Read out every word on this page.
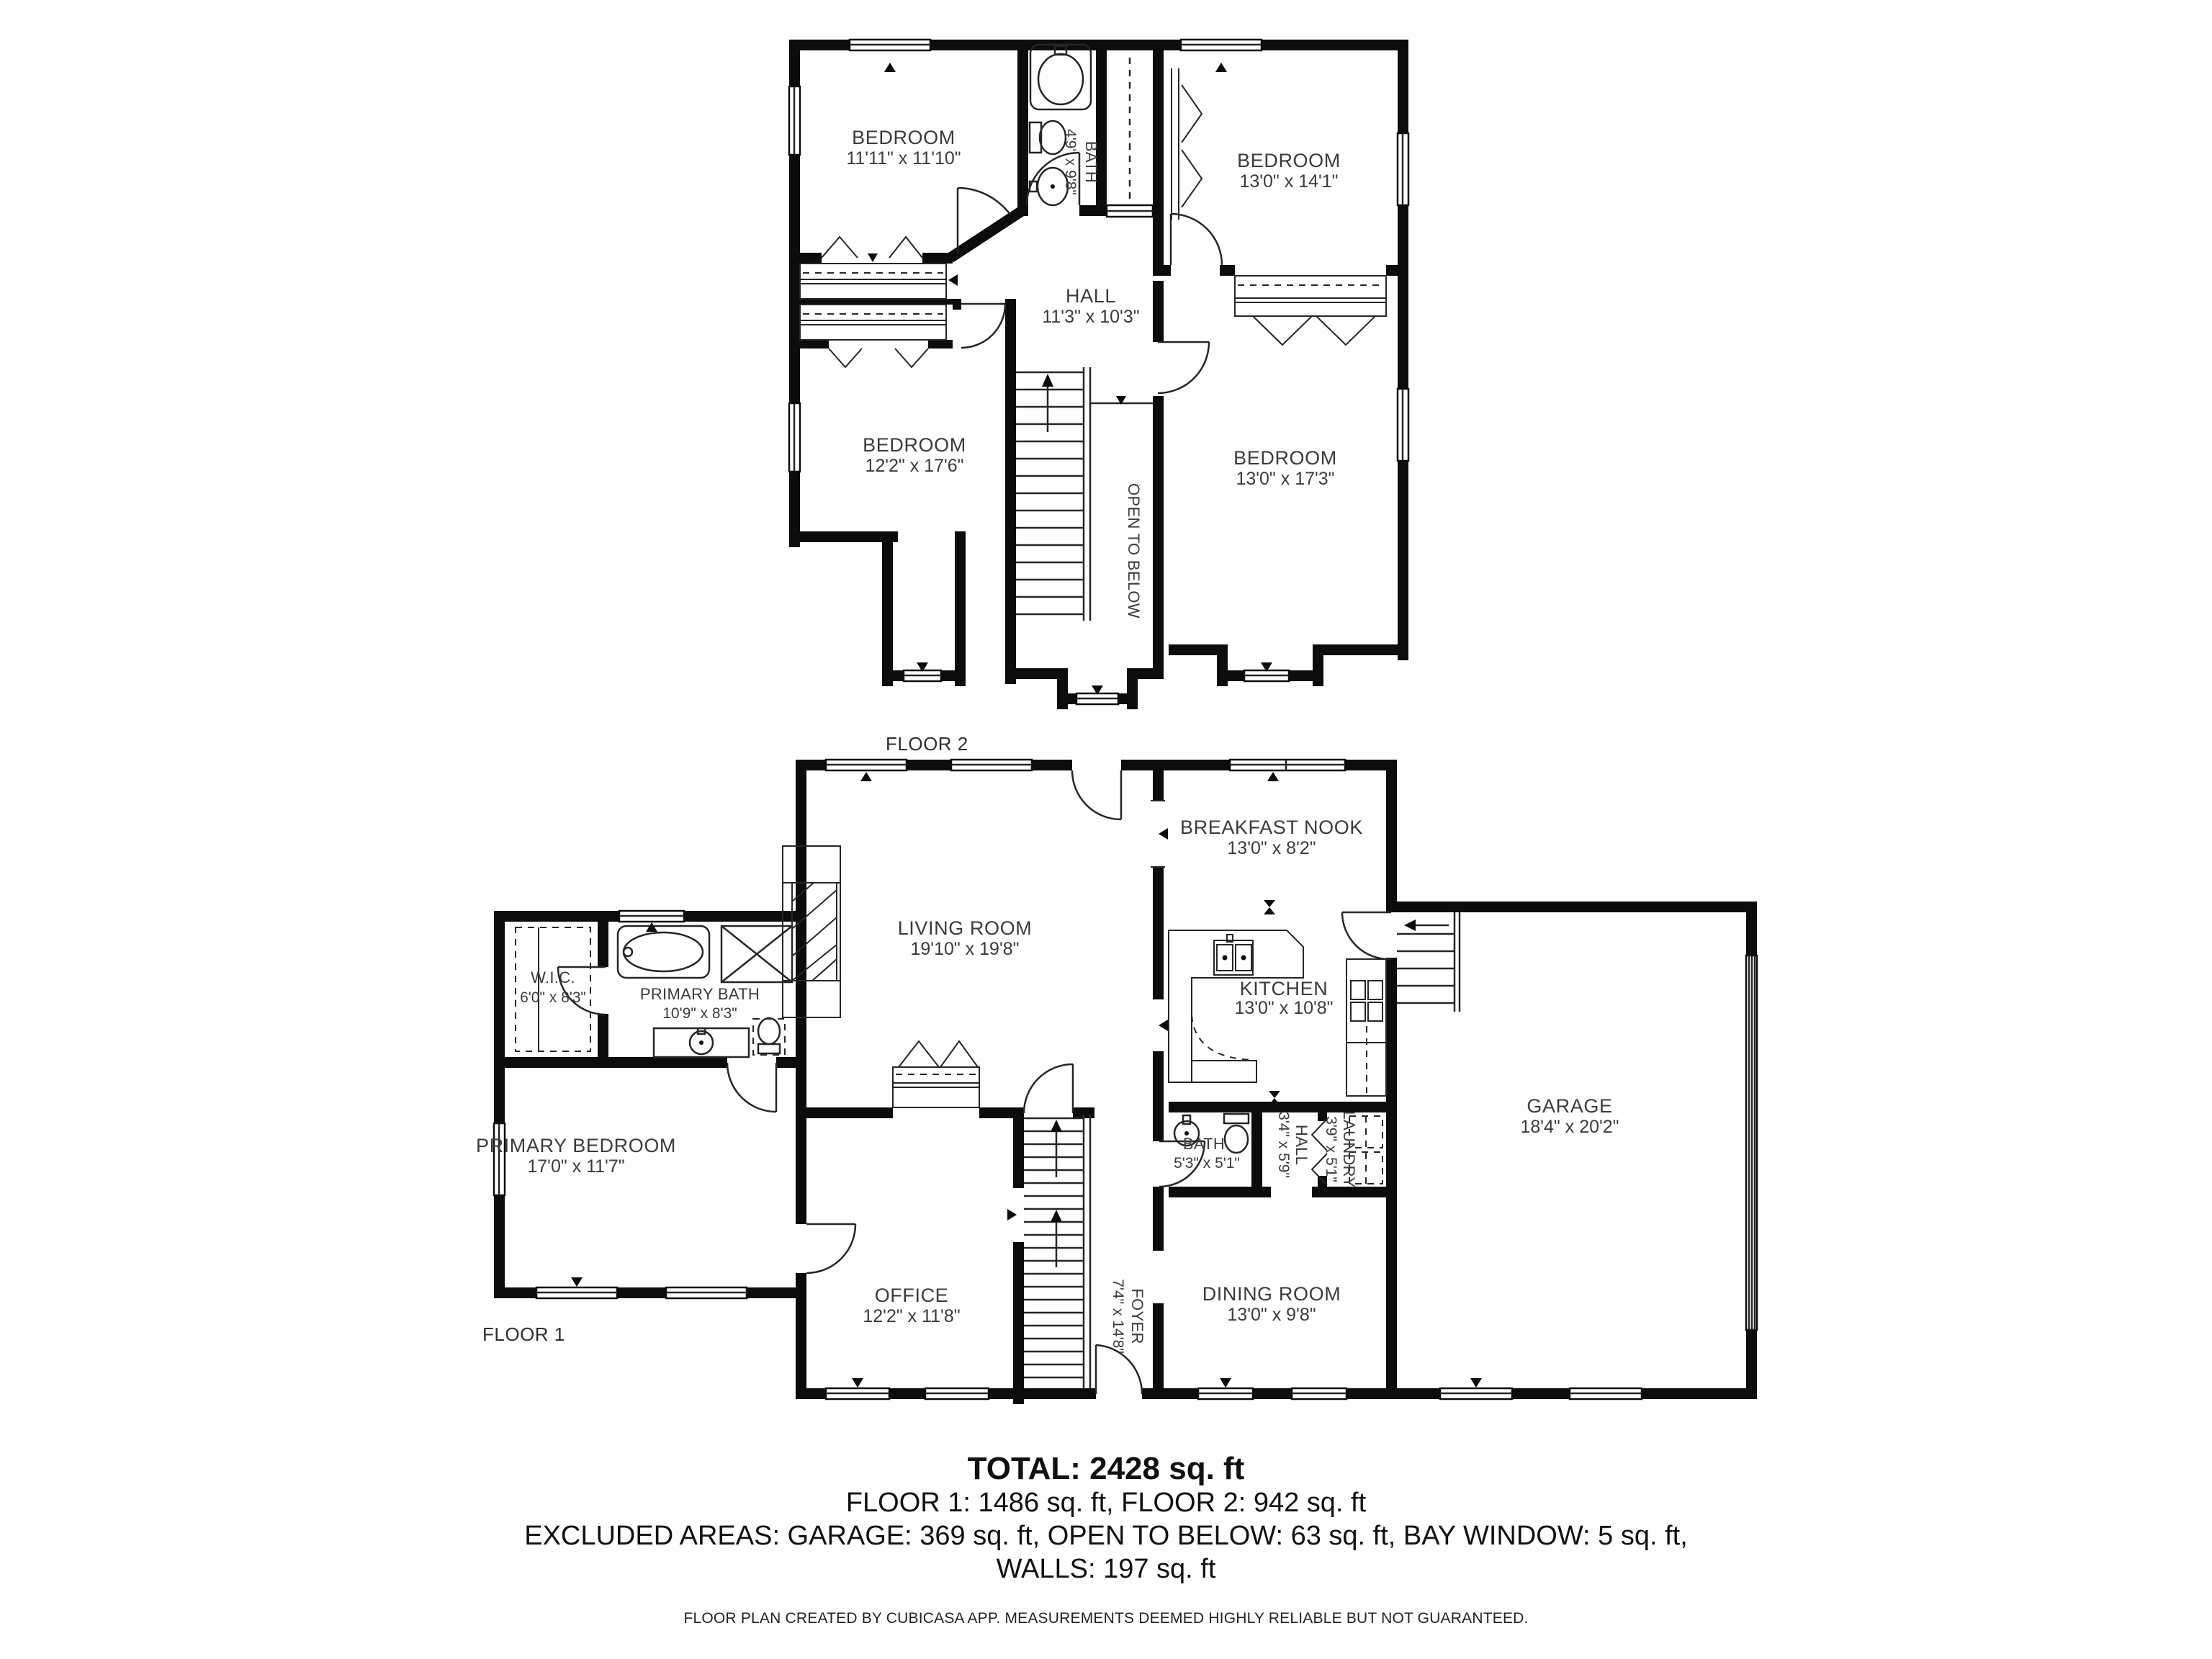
BEDROOM
11'11" x 11'10"	BATH
4'9" x 9'8"	BEDROOM
13'0" x 14'1"
HALL
11'3" x 10'3"
BEDROOM
12'2" x 17'6"	BEDROOM
13'0" x 17'3"
OPEN TO BELOW
FLOOR 2
LIVING ROOM
19'10" x 19'8"
BREAKFAST NOOK
13'0" x 8'2"
KITCHEN
13'0" x 10'8"
GARAGE
18'4" x 20'2"
W.I.C.
6'0" x 8'3"	PRIMARY BATH
10'9" x 8'3"
PRIMARY BEDROOM
17'0" x 11'7"
OFFICE
12'2" x 11'8"	FOYER
7'4" x 14'8"
BATH
5'3" x 5'1"	HALL
3'4" x 5'9"	LAUNDRY
3'9" x 5'1"
DINING ROOM
13'0" x 9'8"
FLOOR 1
TOTAL: 2428 sq. ft
FLOOR 1: 1486 sq. ft, FLOOR 2: 942 sq. ft
EXCLUDED AREAS: GARAGE: 369 sq. ft, OPEN TO BELOW: 63 sq. ft, BAY WINDOW: 5 sq. ft,
WALLS: 197 sq. ft
FLOOR PLAN CREATED BY CUBICASA APP. MEASUREMENTS DEEMED HIGHLY RELIABLE BUT NOT GUARANTEED.
